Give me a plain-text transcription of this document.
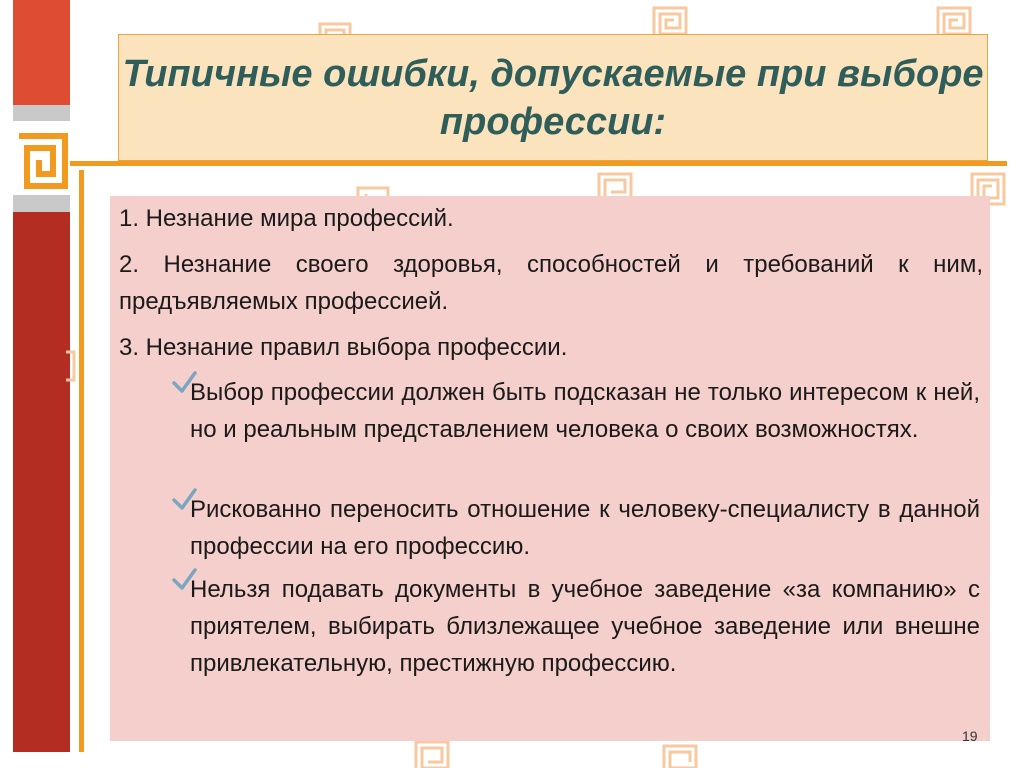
Типичные ошибки, допускаемые при выборе профессии:

1. Незнание мира профессий.

2. Незнание своего здоровья, способностей и требований к ним, предъявляемых профессией.

3. Незнание правил выбора профессии.

Выбор профессии должен быть подсказан не только интересом к ней, но и реальным представлением человека о своих возможностях.

Рискованно переносить отношение к человеку-специалисту в данной профессии на его профессию.

Нельзя подавать документы в учебное заведение «за компанию» с приятелем, выбирать близлежащее учебное заведение или внешне привлекательную, престижную профессию.

19
